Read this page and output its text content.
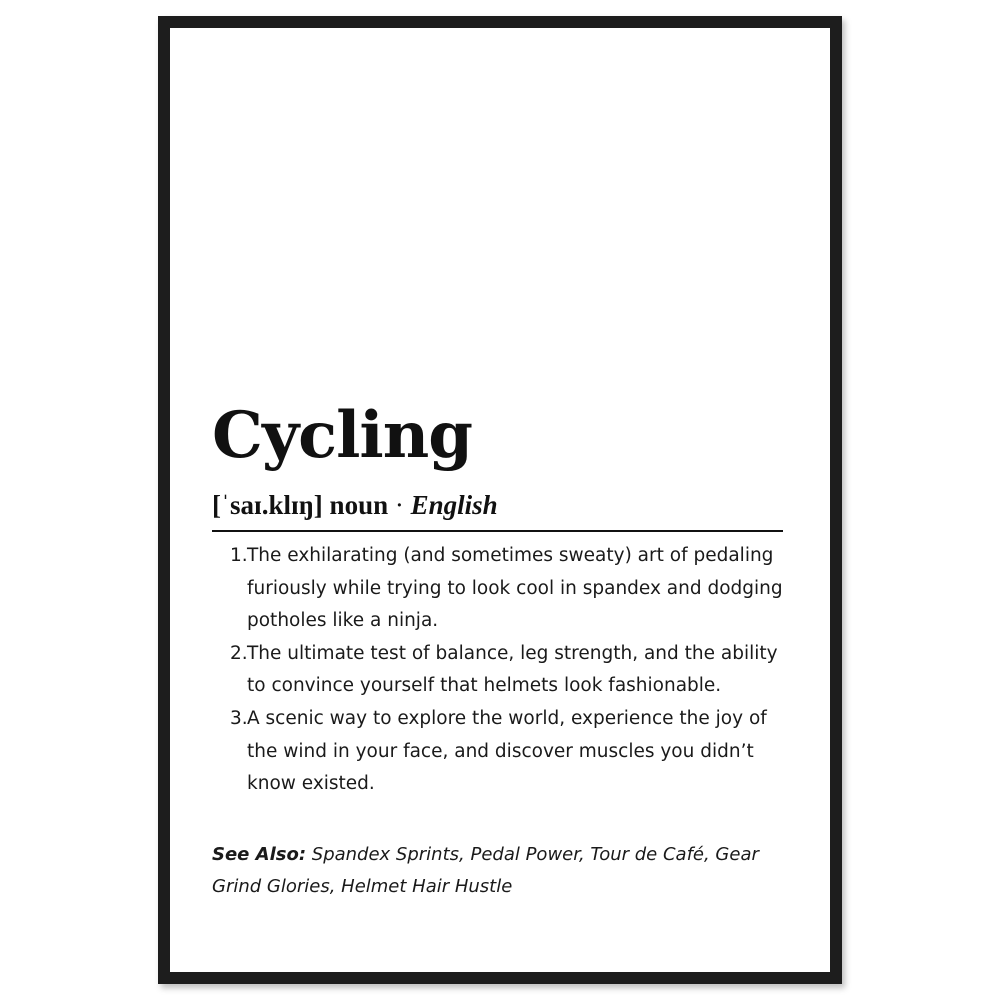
Cycling
[ˈsaɪ.klɪŋ] noun · English
1. The exhilarating (and sometimes sweaty) art of pedaling furiously while trying to look cool in spandex and dodging potholes like a ninja.
2. The ultimate test of balance, leg strength, and the ability to convince yourself that helmets look fashionable.
3. A scenic way to explore the world, experience the joy of the wind in your face, and discover muscles you didn’t know existed.
See Also: Spandex Sprints, Pedal Power, Tour de Café, Gear Grind Glories, Helmet Hair Hustle
